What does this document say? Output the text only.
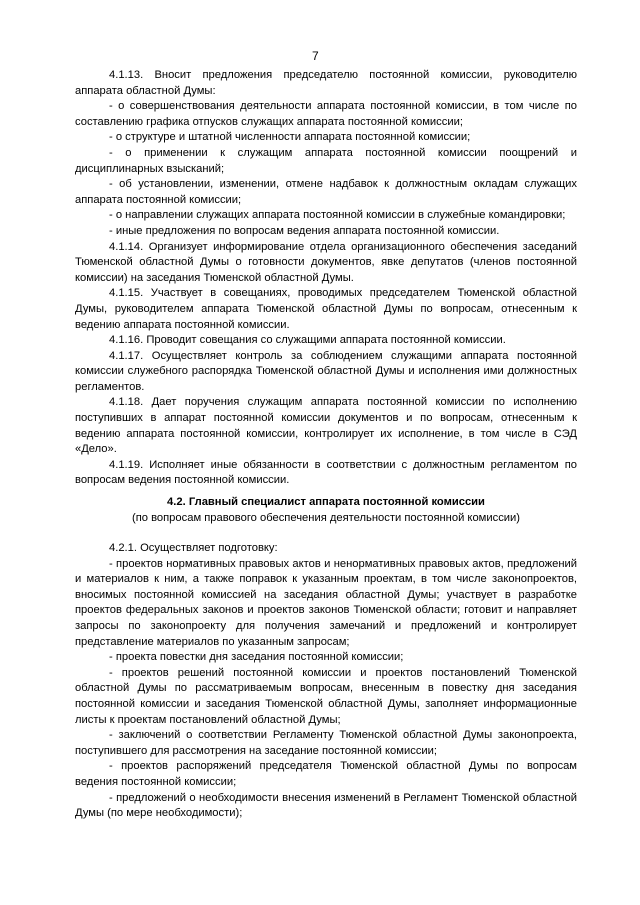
7

4.1.13. Вносит предложения председателю постоянной комиссии, руководителю аппарата областной Думы:

- о совершенствования деятельности аппарата постоянной комиссии, в том числе по составлению графика отпусков служащих аппарата постоянной комиссии;

- о структуре и штатной численности аппарата постоянной комиссии;

- о применении к служащим аппарата постоянной комиссии поощрений и дисциплинарных взысканий;

- об установлении, изменении, отмене надбавок к должностным окладам служащих аппарата постоянной комиссии;

- о направлении служащих аппарата постоянной комиссии в служебные командировки;

- иные предложения по вопросам ведения аппарата постоянной комиссии.

4.1.14. Организует информирование отдела организационного обеспечения заседаний Тюменской областной Думы о готовности документов, явке депутатов (членов постоянной комиссии) на заседания Тюменской областной Думы.

4.1.15. Участвует в совещаниях, проводимых председателем Тюменской областной Думы, руководителем аппарата Тюменской областной Думы по вопросам, отнесенным к ведению аппарата постоянной комиссии.

4.1.16. Проводит совещания со служащими аппарата постоянной комиссии.

4.1.17. Осуществляет контроль за соблюдением служащими аппарата постоянной комиссии служебного распорядка Тюменской областной Думы и исполнения ими должностных регламентов.

4.1.18. Дает поручения служащим аппарата постоянной комиссии по исполнению поступивших в аппарат постоянной комиссии документов и по вопросам, отнесенным к ведению аппарата постоянной комиссии, контролирует их исполнение, в том числе в СЭД «Дело».

4.1.19. Исполняет иные обязанности в соответствии с должностным регламентом по вопросам ведения постоянной комиссии.

4.2. Главный специалист аппарата постоянной комиссии

(по вопросам правового обеспечения деятельности постоянной комиссии)

4.2.1. Осуществляет подготовку:

- проектов нормативных правовых актов и ненормативных правовых актов, предложений и материалов к ним, а также поправок к указанным проектам, в том числе законопроектов, вносимых постоянной комиссией на заседания областной Думы; участвует в разработке проектов федеральных законов и проектов законов Тюменской области; готовит и направляет запросы по законопроекту для получения замечаний и предложений и контролирует представление материалов по указанным запросам;

- проекта повестки дня заседания постоянной комиссии;

- проектов решений постоянной комиссии и проектов постановлений Тюменской областной Думы по рассматриваемым вопросам, внесенным в повестку дня заседания постоянной комиссии и заседания Тюменской областной Думы, заполняет информационные листы к проектам постановлений областной Думы;

- заключений о соответствии Регламенту Тюменской областной Думы законопроекта, поступившего для рассмотрения на заседание постоянной комиссии;

- проектов распоряжений председателя Тюменской областной Думы по вопросам ведения постоянной комиссии;

- предложений о необходимости внесения изменений в Регламент Тюменской областной Думы (по мере необходимости);
